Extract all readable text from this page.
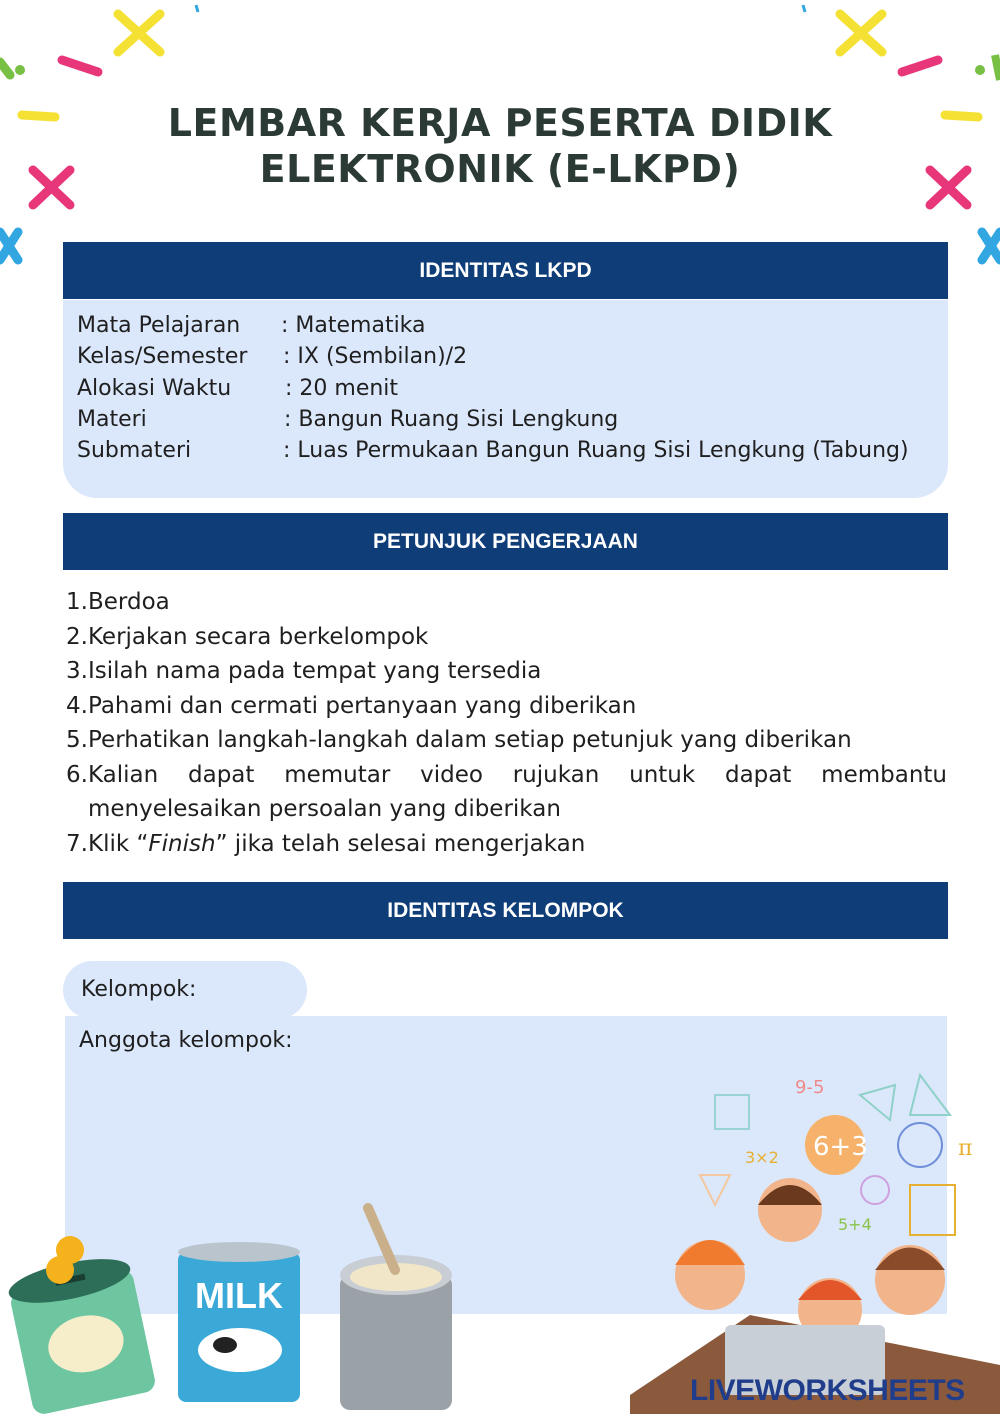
LEMBAR KERJA PESERTA DIDIK
ELEKTRONIK (E-LKPD)
IDENTITAS LKPD
Mata Pelajaran : Matematika
Kelas/Semester : IX (Sembilan)/2
Alokasi Waktu : 20 menit
Materi	: Bangun Ruang Sisi Lengkung
Submateri	: Luas Permukaan Bangun Ruang Sisi Lengkung (Tabung)
PETUNJUK PENGERJAAN
1. Berdoa
2. Kerjakan secara berkelompok
3. Isilah nama pada tempat yang tersedia
4. Pahami dan cermati pertanyaan yang diberikan
5. Perhatikan langkah-langkah dalam setiap petunjuk yang diberikan
6. Kalian dapat memutar video rujukan untuk dapat membantu menyelesaikan persoalan yang diberikan
7. Klik “Finish” jika telah selesai mengerjakan
IDENTITAS KELOMPOK
Anggota kelompok:
Kelompok:
9-5
6+3
3×2
5+4
π
MILK
LIVEWORKSHEETS
